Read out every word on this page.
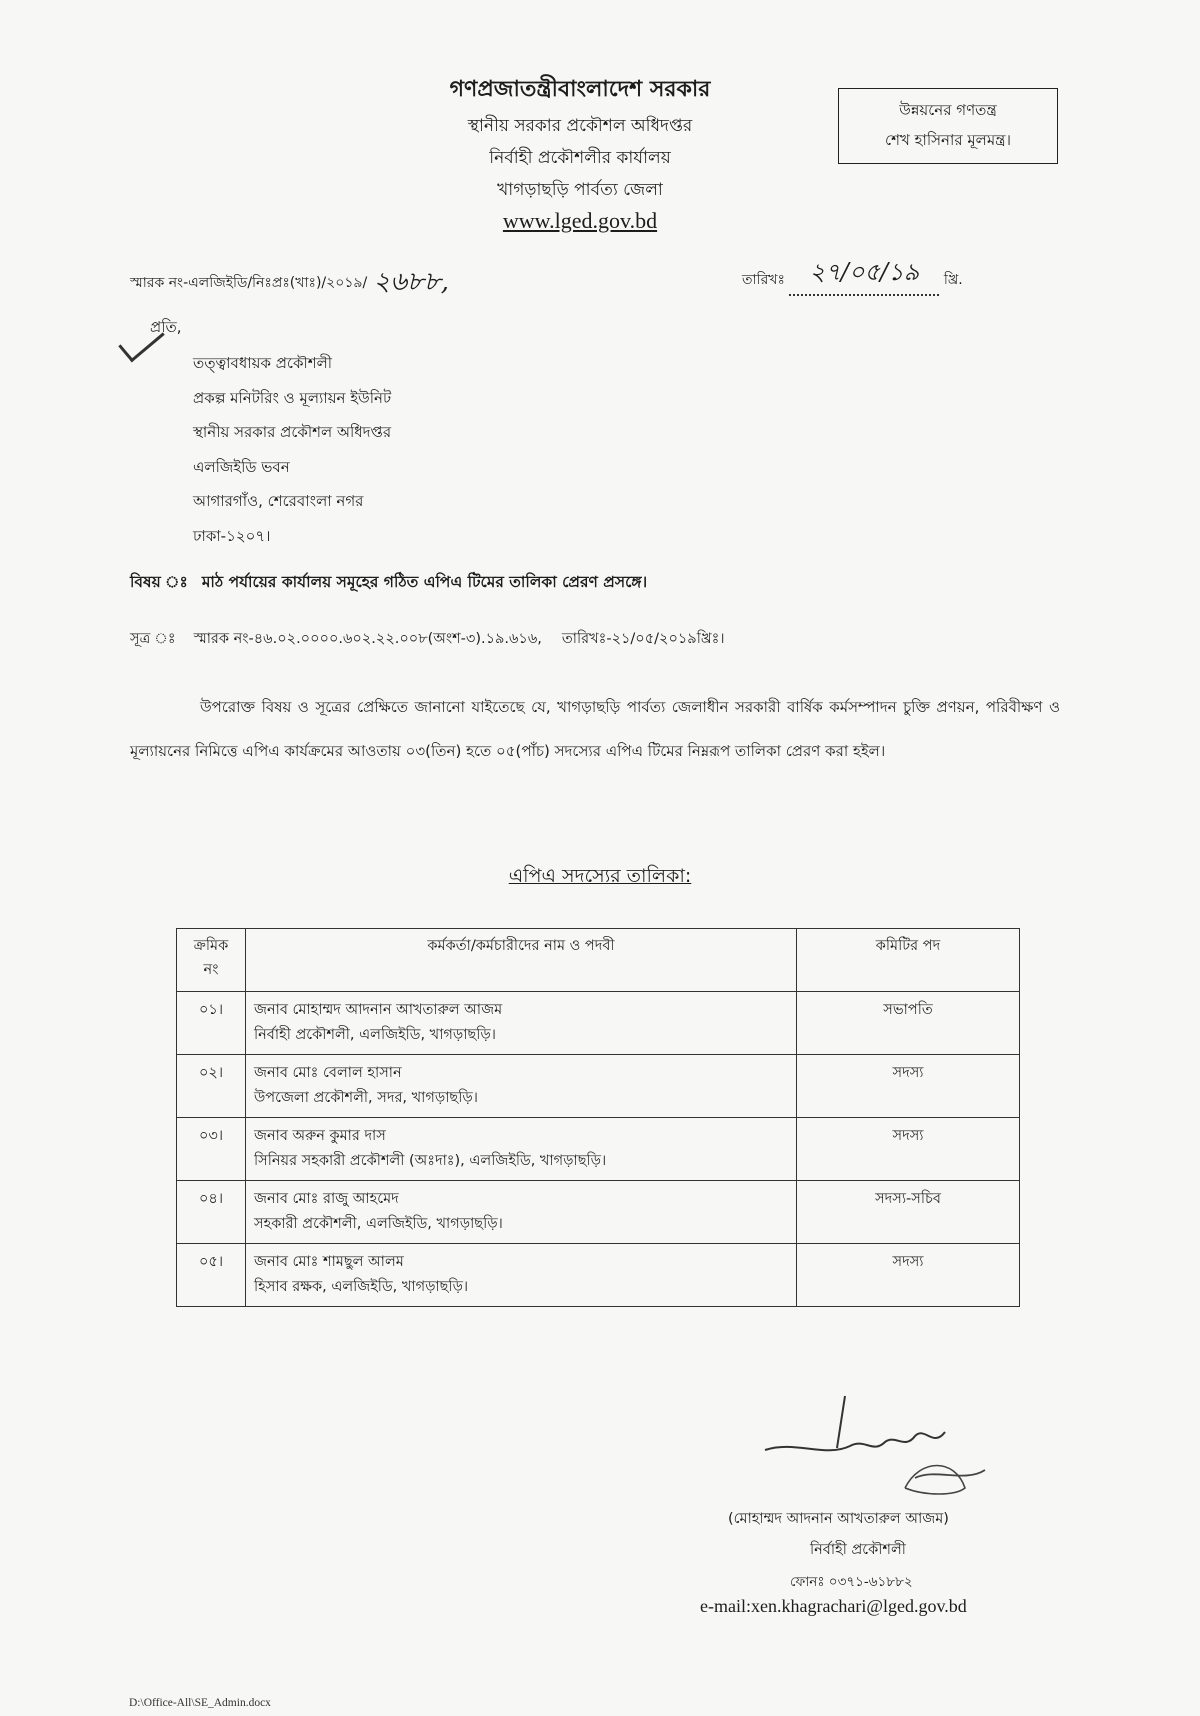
গণপ্রজাতন্ত্রীবাংলাদেশ সরকার
স্থানীয় সরকার প্রকৌশল অধিদপ্তর
নির্বাহী প্রকৌশলীর কার্যালয়
খাগড়াছড়ি পার্বত্য জেলা
www.lged.gov.bd
উন্নয়নের গণতন্ত্র
শেখ হাসিনার মূলমন্ত্র।
স্মারক নং-এলজিইডি/নিঃপ্রঃ(খাঃ)/২০১৯/ ২৬৮৮,	তারিখঃ ২৭/০৫/১৯ খ্রি.
প্রতি,
তত্ত্বাবধায়ক প্রকৌশলী
প্রকল্প মনিটরিং ও মূল্যায়ন ইউনিট
স্থানীয় সরকার প্রকৌশল অধিদপ্তর
এলজিইডি ভবন
আগারগাঁও, শেরেবাংলা নগর
ঢাকা-১২০৭।
বিষয় ঃ মাঠ পর্যায়ের কার্যালয় সমূহের গঠিত এপিএ টিমের তালিকা প্রেরণ প্রসঙ্গে।
সূত্র ঃ স্মারক নং-৪৬.০২.০০০০.৬০২.২২.০০৮(অংশ-৩).১৯.৬১৬, তারিখঃ-২১/০৫/২০১৯খ্রিঃ।
উপরোক্ত বিষয় ও সূত্রের প্রেক্ষিতে জানানো যাইতেছে যে, খাগড়াছড়ি পার্বত্য জেলাধীন সরকারী বার্ষিক কর্মসম্পাদন চুক্তি প্রণয়ন, পরিবীক্ষণ ও মূল্যায়নের নিমিত্তে এপিএ কার্যক্রমের আওতায় ০৩(তিন) হতে ০৫(পাঁচ) সদস্যের এপিএ টিমের নিম্নরূপ তালিকা প্রেরণ করা হইল।
এপিএ সদস্যের তালিকা:
ক্রমিক
নং	কর্মকর্তা/কর্মচারীদের নাম ও পদবী	কমিটির পদ
০১।	জনাব মোহাম্মদ আদনান আখতারুল আজম
নির্বাহী প্রকৌশলী, এলজিইডি, খাগড়াছড়ি।	সভাপতি
০২।	জনাব মোঃ বেলাল হাসান
উপজেলা প্রকৌশলী, সদর, খাগড়াছড়ি।	সদস্য
০৩।	জনাব অরুন কুমার দাস
সিনিয়র সহকারী প্রকৌশলী (অঃদাঃ), এলজিইডি, খাগড়াছড়ি।	সদস্য
০৪।	জনাব মোঃ রাজু আহমেদ
সহকারী প্রকৌশলী, এলজিইডি, খাগড়াছড়ি।	সদস্য-সচিব
০৫।	জনাব মোঃ শামছুল আলম
হিসাব রক্ষক, এলজিইডি, খাগড়াছড়ি।	সদস্য
(মোহাম্মদ আদনান আখতারুল আজম)
নির্বাহী প্রকৌশলী
ফোনঃ ০৩৭১-৬১৮৮২
e-mail:xen.khagrachari@lged.gov.bd
D:\Office-All\SE_Admin.docx
